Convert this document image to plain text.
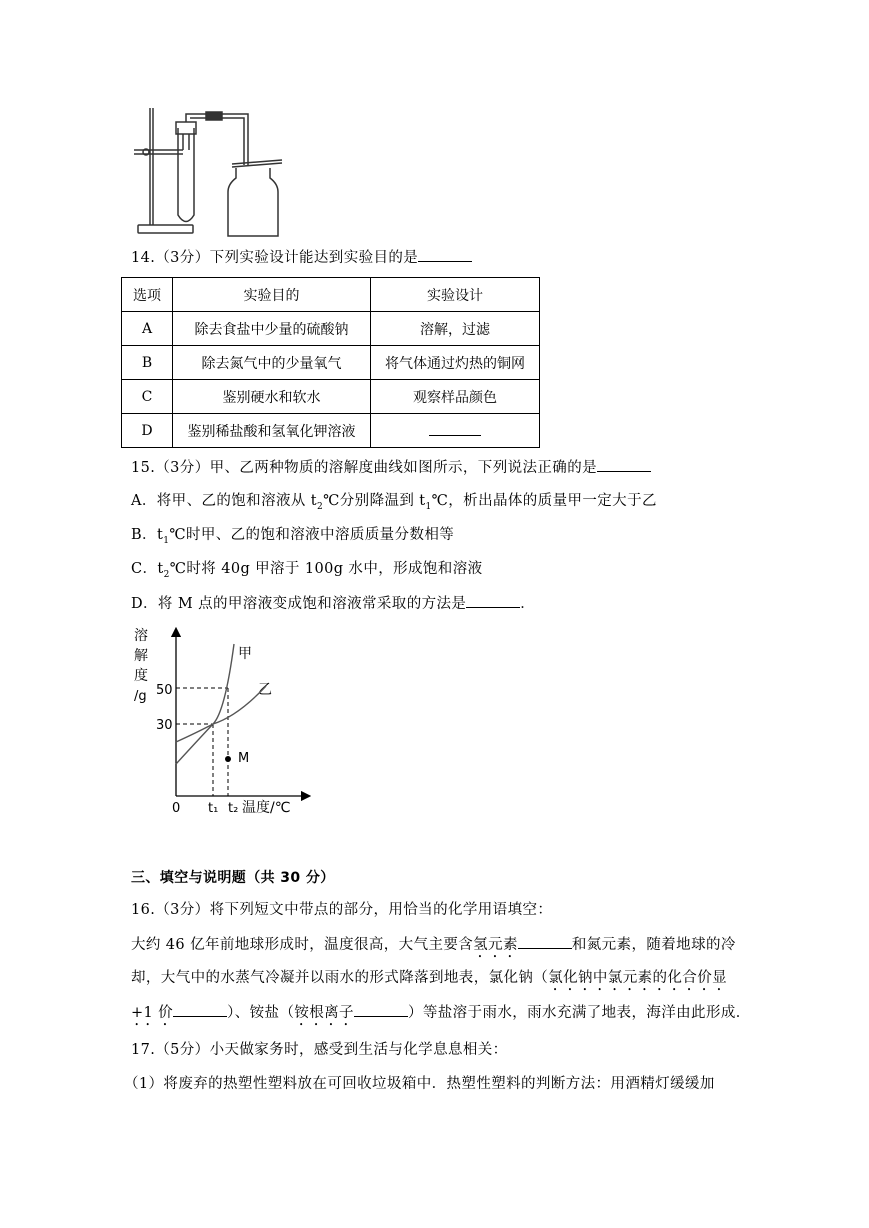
14.（3分）下列实验设计能达到实验目的是
选项	实验目的	实验设计
A	除去食盐中少量的硫酸钠	溶解，过滤
B	除去氮气中的少量氧气	将气体通过灼热的铜网
C	鉴别硬水和软水	观察样品颜色
D	鉴别稀盐酸和氢氧化钾溶液	
15.（3分）甲、乙两种物质的溶解度曲线如图所示，下列说法正确的是
A．将甲、乙的饱和溶液从 $t_2℃$分别降温到 $t_1℃$，析出晶体的质量甲一定大于乙
B．$t_1℃$时甲、乙的饱和溶液中溶质质量分数相等
C．$t_2℃$时将 40g 甲溶于 100g 水中，形成饱和溶液
D．将 M 点的甲溶液变成饱和溶液常采取的方法是	．
溶
解
度
/g 50
30
0 t₁ t₂ 温度/℃
甲
乙
M
三、填空与说明题（共 30 分）
16.（3分）将下列短文中带点的部分，用恰当的化学用语填空：
大约 46 亿年前地球形成时，温度很高，大气主要含氢元素	和氮元素，随着地球的冷
却，大气中的水蒸气冷凝并以雨水的形式降落到地表，氯化钠（氯化钠中氯元素的化合价显
+1 价	）、铵盐（铵根离子	）等盐溶于雨水，雨水充满了地表，海洋由此形成．
17.（5分）小天做家务时，感受到生活与化学息息相关：
（1）将废弃的热塑性塑料放在可回收垃圾箱中．热塑性塑料的判断方法：用酒精灯缓缓加
